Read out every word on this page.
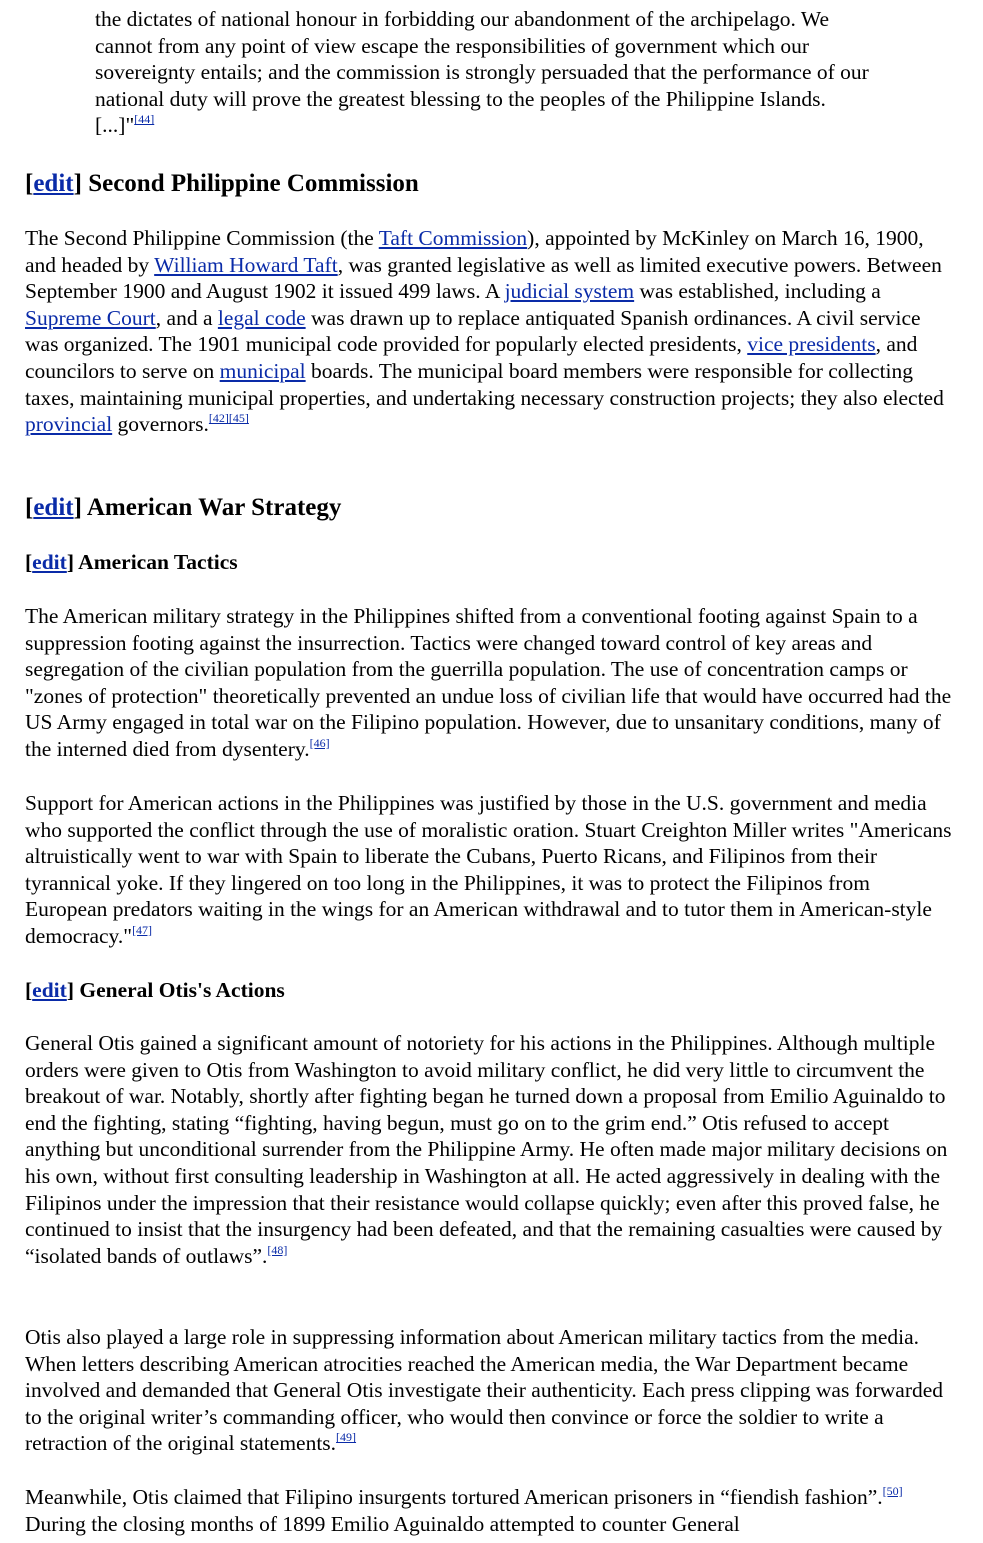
the dictates of national honour in forbidding our abandonment of the archipelago. We

cannot from any point of view escape the responsibilities of government which our

sovereignty entails; and the commission is strongly persuaded that the performance of our

national duty will prove the greatest blessing to the peoples of the Philippine Islands.

[...]"[44]

[edit] Second Philippine Commission

The Second Philippine Commission (the Taft Commission), appointed by McKinley on March 16, 1900, and headed by William Howard Taft, was granted legislative as well as limited executive powers. Between September 1900 and August 1902 it issued 499 laws. A judicial system was established, including a Supreme Court, and a legal code was drawn up to replace antiquated Spanish ordinances. A civil service was organized. The 1901 municipal code provided for popularly elected presidents, vice presidents, and councilors to serve on municipal boards. The municipal board members were responsible for collecting taxes, maintaining municipal properties, and undertaking necessary construction projects; they also elected provincial governors.[42][45]

[edit] American War Strategy
[edit] American Tactics

The American military strategy in the Philippines shifted from a conventional footing against Spain to a suppression footing against the insurrection. Tactics were changed toward control of key areas and segregation of the civilian population from the guerrilla population. The use of concentration camps or "zones of protection" theoretically prevented an undue loss of civilian life that would have occurred had the US Army engaged in total war on the Filipino population. However, due to unsanitary conditions, many of the interned died from dysentery.[46]

Support for American actions in the Philippines was justified by those in the U.S. government and media who supported the conflict through the use of moralistic oration. Stuart Creighton Miller writes "Americans altruistically went to war with Spain to liberate the Cubans, Puerto Ricans, and Filipinos from their tyrannical yoke. If they lingered on too long in the Philippines, it was to protect the Filipinos from European predators waiting in the wings for an American withdrawal and to tutor them in American-style democracy."[47]

[edit] General Otis's Actions

General Otis gained a significant amount of notoriety for his actions in the Philippines. Although multiple orders were given to Otis from Washington to avoid military conflict, he did very little to circumvent the breakout of war. Notably, shortly after fighting began he turned down a proposal from Emilio Aguinaldo to end the fighting, stating “fighting, having begun, must go on to the grim end.” Otis refused to accept anything but unconditional surrender from the Philippine Army. He often made major military decisions on his own, without first consulting leadership in Washington at all. He acted aggressively in dealing with the Filipinos under the impression that their resistance would collapse quickly; even after this proved false, he continued to insist that the insurgency had been defeated, and that the remaining casualties were caused by “isolated bands of outlaws”.[48]

Otis also played a large role in suppressing information about American military tactics from the media. When letters describing American atrocities reached the American media, the War Department became involved and demanded that General Otis investigate their authenticity. Each press clipping was forwarded to the original writer’s commanding officer, who would then convince or force the soldier to write a retraction of the original statements.[49]

Meanwhile, Otis claimed that Filipino insurgents tortured American prisoners in “fiendish fashion”.[50] During the closing months of 1899 Emilio Aguinaldo attempted to counter General
